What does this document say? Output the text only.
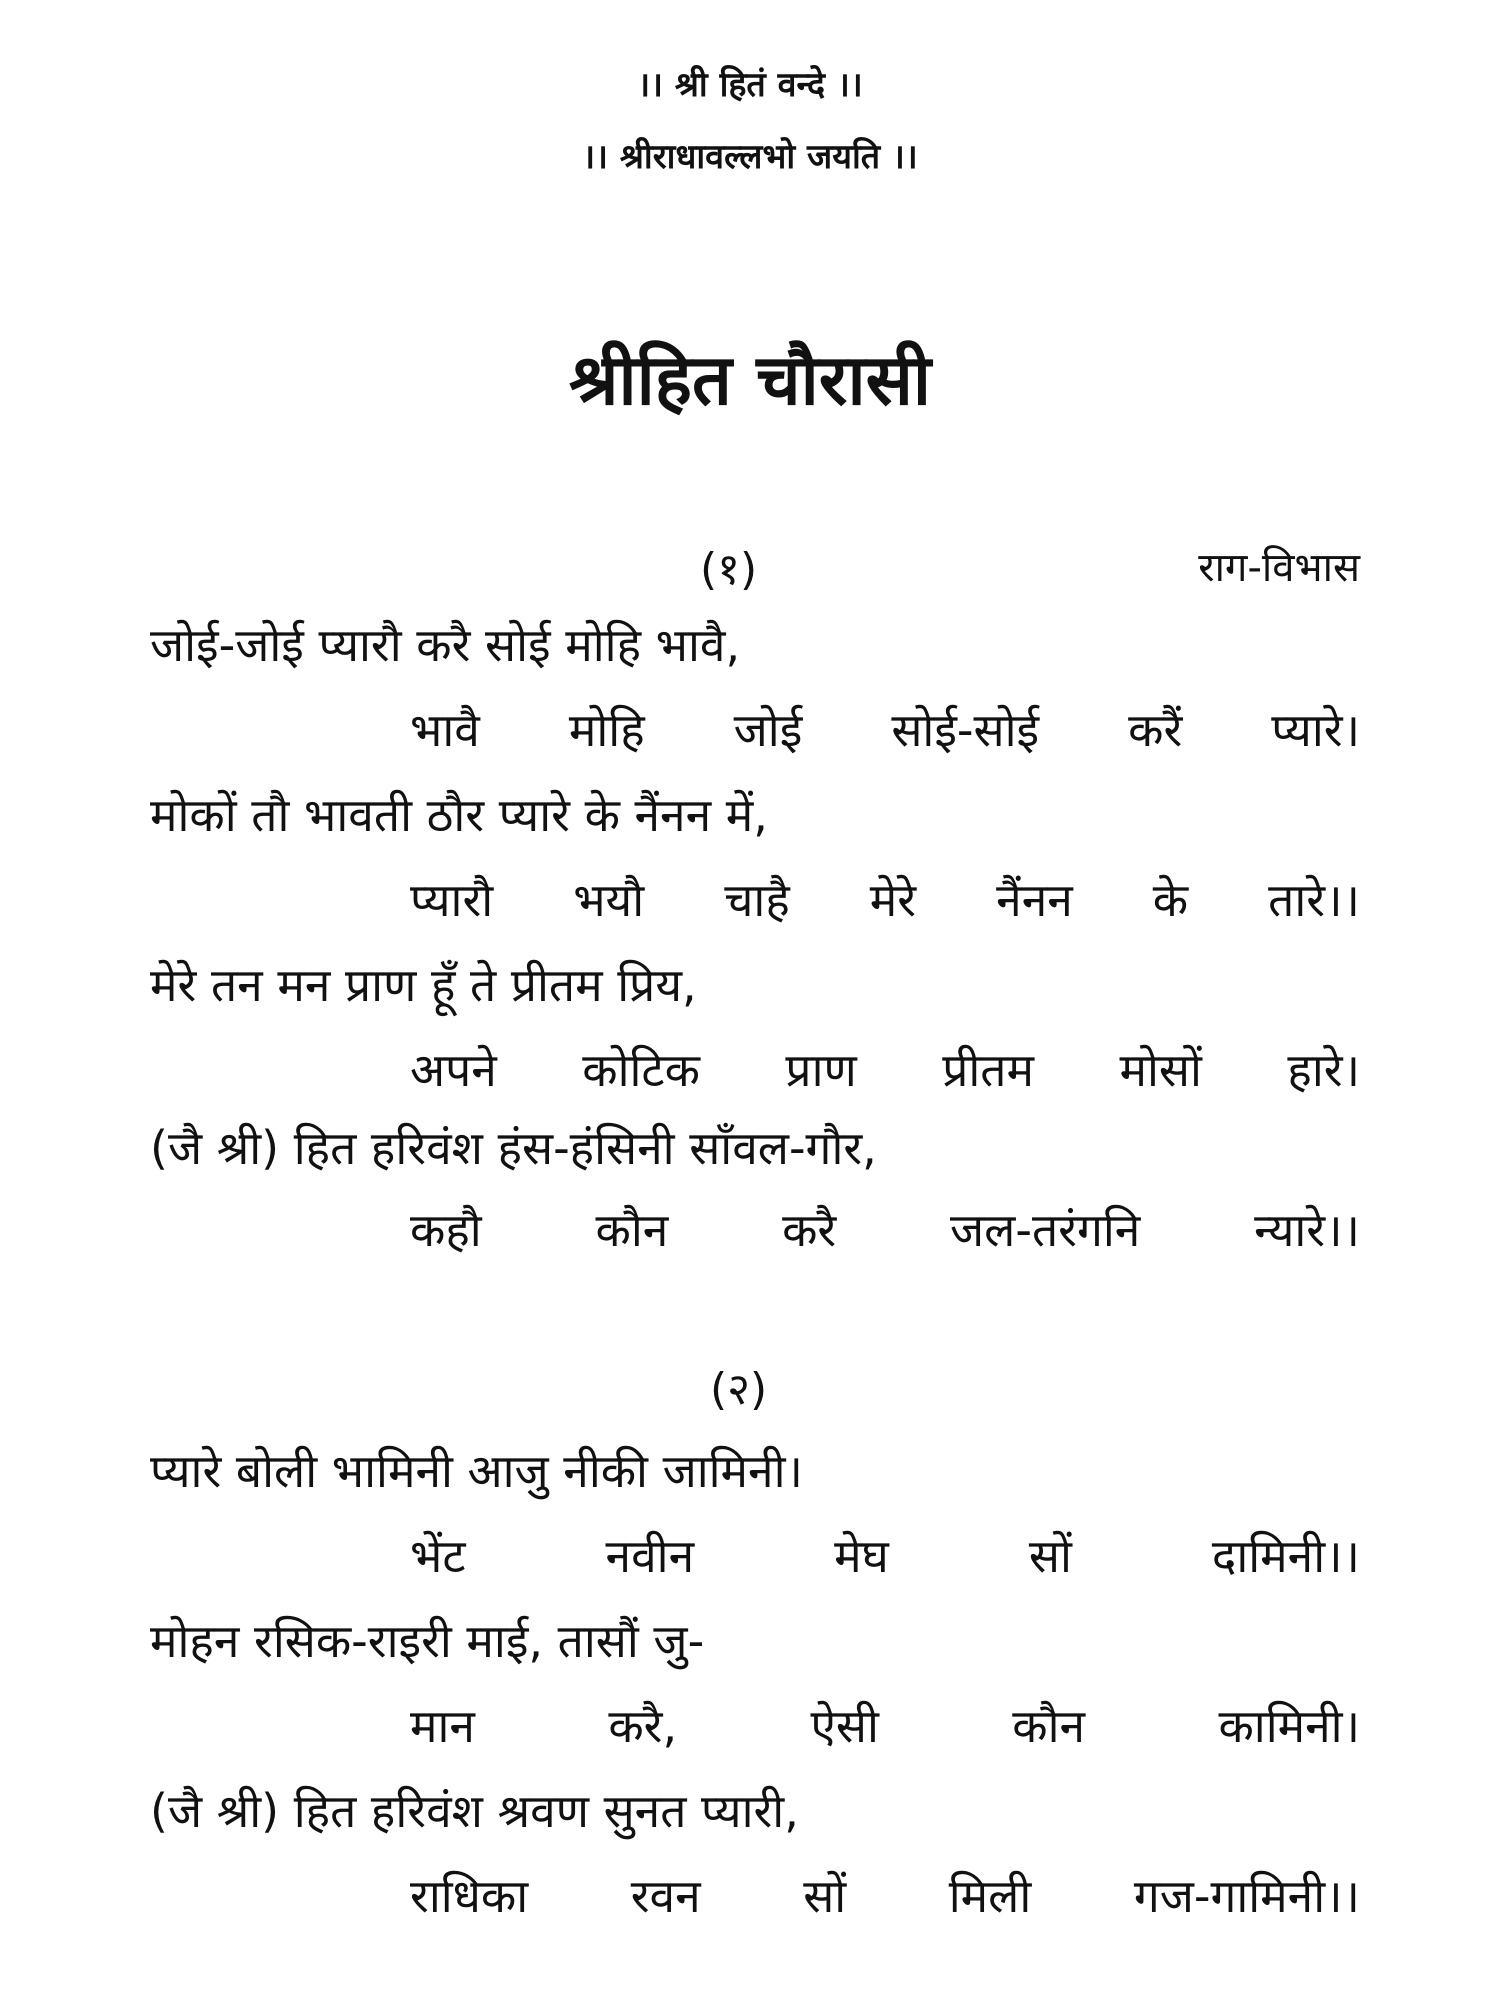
।। श्री हितं वन्दे ।।
।। श्रीराधावल्लभो जयति ।।
श्रीहित चौरासी
(१)	राग-विभास
जोई-जोई प्यारौ करै सोई मोहि भावै,
भावै मोहि जोई सोई-सोई करैं प्यारे।
मोकों तौ भावती ठौर प्यारे के नैंनन में,
प्यारौ भयौ चाहै मेरे नैंनन के तारे।।
मेरे तन मन प्राण हूँ ते प्रीतम प्रिय,
अपने कोटिक प्राण प्रीतम मोसों हारे।
(जै श्री) हित हरिवंश हंस-हंसिनी साँवल-गौर,
कहौ कौन करै जल-तरंगनि न्यारे।।
(२)
प्यारे बोली भामिनी आजु नीकी जामिनी।
भेंट नवीन मेघ सों दामिनी।।
मोहन रसिक-राइरी माई, तासौं जु-
मान करै, ऐसी कौन कामिनी।
(जै श्री) हित हरिवंश श्रवण सुनत प्यारी,
राधिका रवन सों मिली गज-गामिनी।।
